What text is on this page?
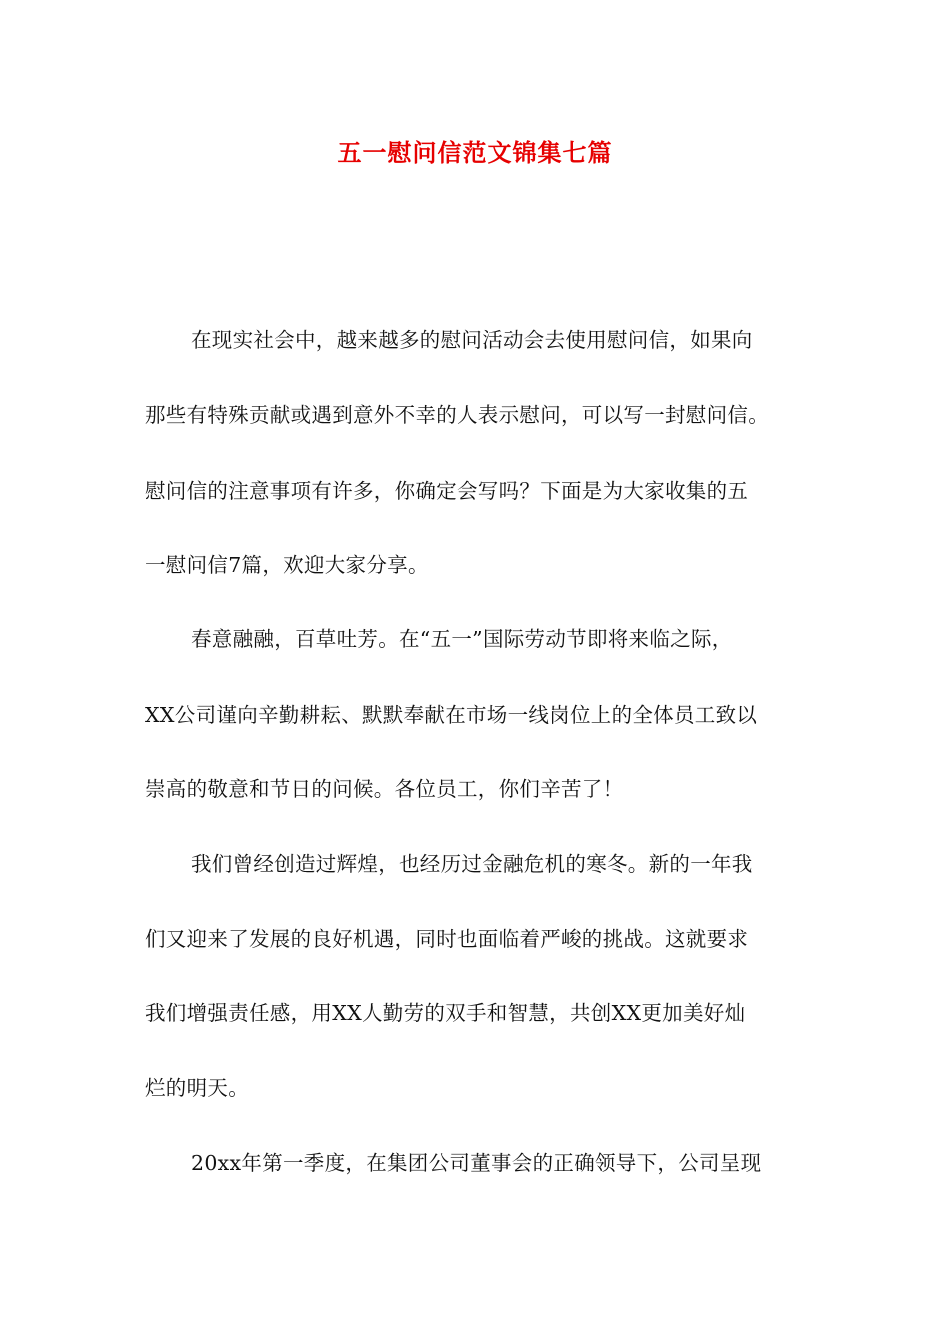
五一慰问信范文锦集七篇
在现实社会中，越来越多的慰问活动会去使用慰问信，如果向
那些有特殊贡献或遇到意外不幸的人表示慰问，可以写一封慰问信。
慰问信的注意事项有许多，你确定会写吗？下面是为大家收集的五
一慰问信7篇，欢迎大家分享。
春意融融，百草吐芳。在“五一”国际劳动节即将来临之际，
XX公司谨向辛勤耕耘、默默奉献在市场一线岗位上的全体员工致以
崇高的敬意和节日的问候。各位员工，你们辛苦了！
我们曾经创造过辉煌，也经历过金融危机的寒冬。新的一年我
们又迎来了发展的良好机遇，同时也面临着严峻的挑战。这就要求
我们增强责任感，用XX人勤劳的双手和智慧，共创XX更加美好灿
烂的明天。
20xx年第一季度，在集团公司董事会的正确领导下，公司呈现
